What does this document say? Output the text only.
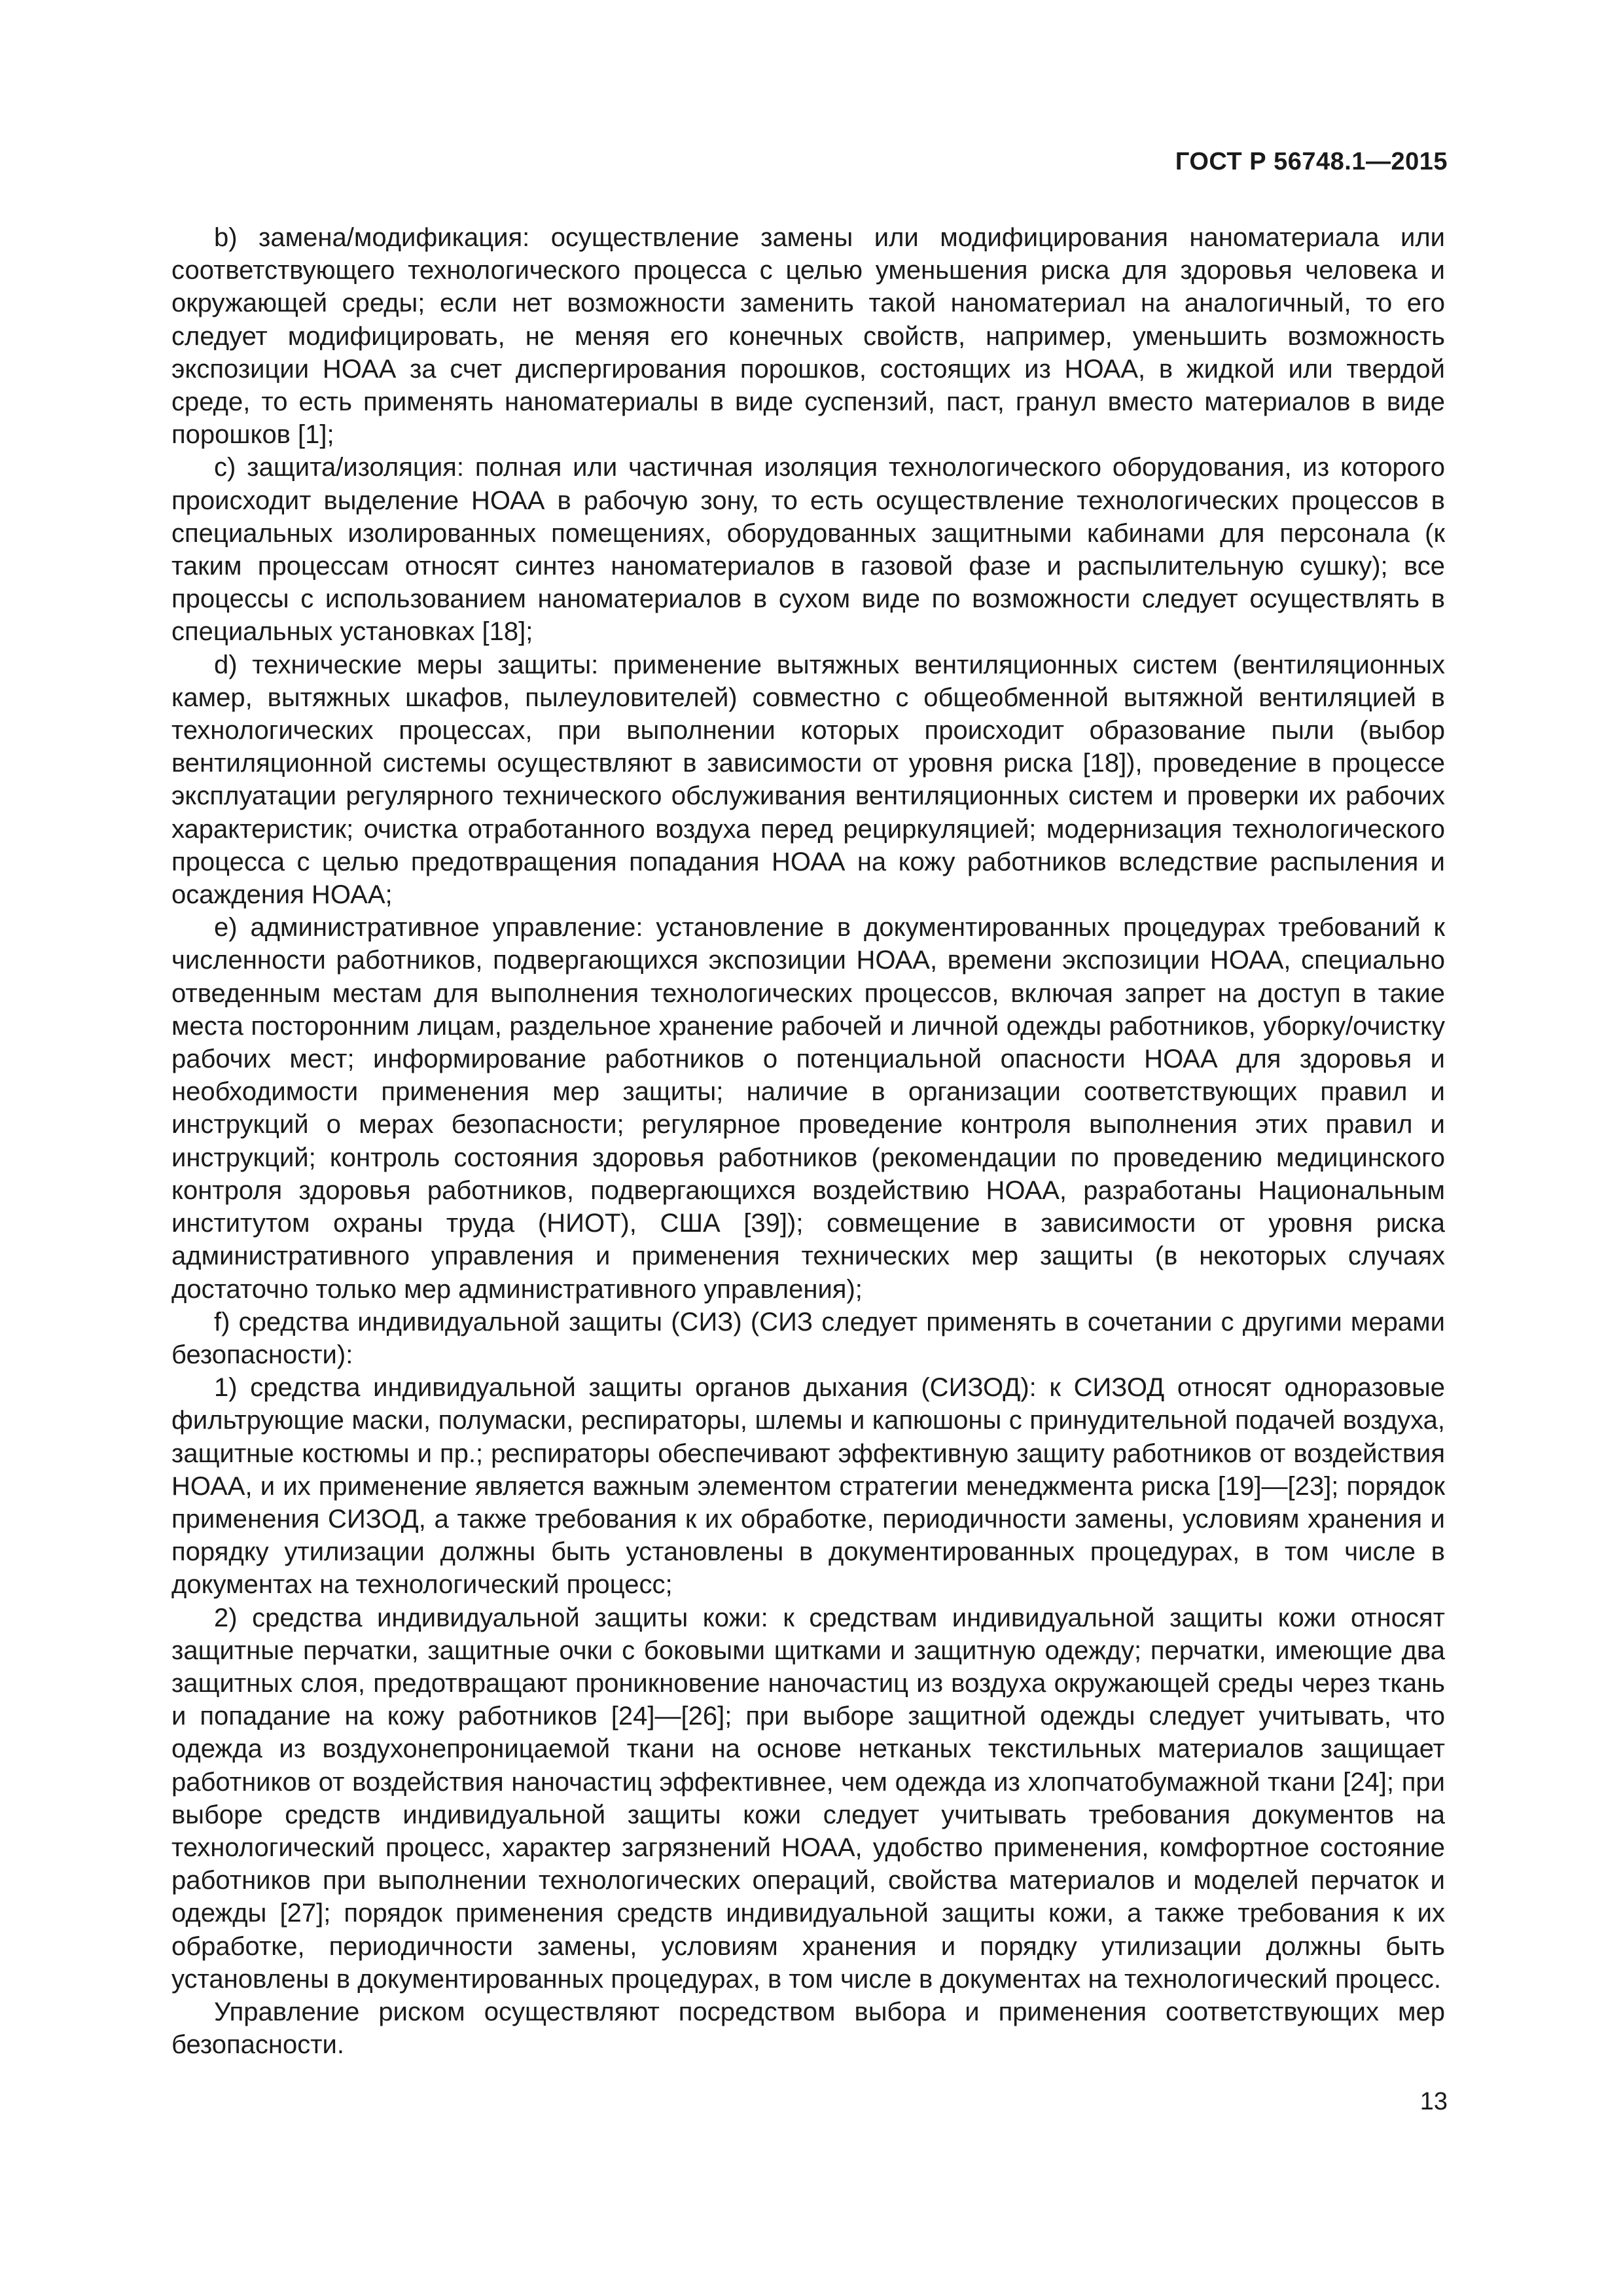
ГОСТ Р 56748.1—2015

b) замена/модификация: осуществление замены или модифицирования наноматериала или соответствующего технологического процесса с целью уменьшения риска для здоровья человека и окружающей среды; если нет возможности заменить такой наноматериал на аналогичный, то его следует модифицировать, не меняя его конечных свойств, например, уменьшить возможность экспозиции НОАА за счет диспергирования порошков, состоящих из НОАА, в жидкой или твердой среде, то есть применять наноматериалы в виде суспензий, паст, гранул вместо материалов в виде порошков [1];

c) защита/изоляция: полная или частичная изоляция технологического оборудования, из которого происходит выделение НОАА в рабочую зону, то есть осуществление технологических процессов в специальных изолированных помещениях, оборудованных защитными кабинами для персонала (к таким процессам относят синтез наноматериалов в газовой фазе и распылительную сушку); все процессы с использованием наноматериалов в сухом виде по возможности следует осуществлять в специальных установках [18];

d) технические меры защиты: применение вытяжных вентиляционных систем (вентиляционных камер, вытяжных шкафов, пылеуловителей) совместно с общеобменной вытяжной вентиляцией в технологических процессах, при выполнении которых происходит образование пыли (выбор вентиляционной системы осуществляют в зависимости от уровня риска [18]), проведение в процессе эксплуатации регулярного технического обслуживания вентиляционных систем и проверки их рабочих характеристик; очистка отработанного воздуха перед рециркуляцией; модернизация технологического процесса с целью предотвращения попадания НОАА на кожу работников вследствие распыления и осаждения НОАА;

e) административное управление: установление в документированных процедурах требований к численности работников, подвергающихся экспозиции НОАА, времени экспозиции НОАА, специально отведенным местам для выполнения технологических процессов, включая запрет на доступ в такие места посторонним лицам, раздельное хранение рабочей и личной одежды работников, уборку/очистку рабочих мест; информирование работников о потенциальной опасности НОАА для здоровья и необходимости применения мер защиты; наличие в организации соответствующих правил и инструкций о мерах безопасности; регулярное проведение контроля выполнения этих правил и инструкций; контроль состояния здоровья работников (рекомендации по проведению медицинского контроля здоровья работников, подвергающихся воздействию НОАА, разработаны Национальным институтом охраны труда (НИОТ), США [39]); совмещение в зависимости от уровня риска административного управления и применения технических мер защиты (в некоторых случаях достаточно только мер административного управления);

f) средства индивидуальной защиты (СИЗ) (СИЗ следует применять в сочетании с другими мерами безопасности):

1) средства индивидуальной защиты органов дыхания (СИЗОД): к СИЗОД относят одноразовые фильтрующие маски, полумаски, респираторы, шлемы и капюшоны с принудительной подачей воздуха, защитные костюмы и пр.; респираторы обеспечивают эффективную защиту работников от воздействия НОАА, и их применение является важным элементом стратегии менеджмента риска [19]—[23]; порядок применения СИЗОД, а также требования к их обработке, периодичности замены, условиям хранения и порядку утилизации должны быть установлены в документированных процедурах, в том числе в документах на технологический процесс;

2) средства индивидуальной защиты кожи: к средствам индивидуальной защиты кожи относят защитные перчатки, защитные очки с боковыми щитками и защитную одежду; перчатки, имеющие два защитных слоя, предотвращают проникновение наночастиц из воздуха окружающей среды через ткань и попадание на кожу работников [24]—[26]; при выборе защитной одежды следует учитывать, что одежда из воздухонепроницаемой ткани на основе нетканых текстильных материалов защищает работников от воздействия наночастиц эффективнее, чем одежда из хлопчатобумажной ткани [24]; при выборе средств индивидуальной защиты кожи следует учитывать требования документов на технологический процесс, характер загрязнений НОАА, удобство применения, комфортное состояние работников при выполнении технологических операций, свойства материалов и моделей перчаток и одежды [27]; порядок применения средств индивидуальной защиты кожи, а также требования к их обработке, периодичности замены, условиям хранения и порядку утилизации должны быть установлены в документированных процедурах, в том числе в документах на технологический процесс.

Управление риском осуществляют посредством выбора и применения соответствующих мер безопасности.

13
